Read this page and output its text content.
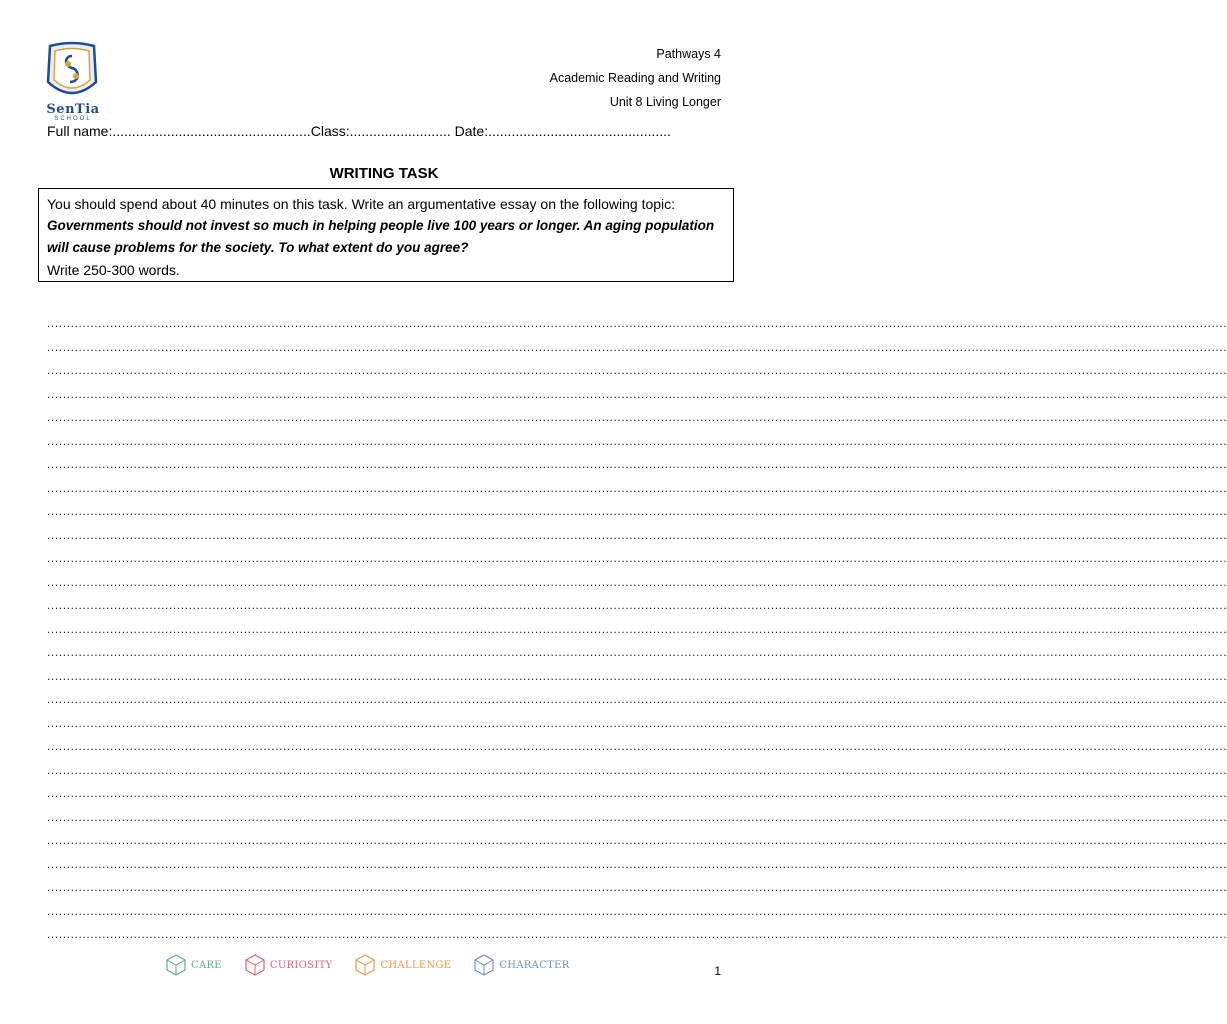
SenTia
SCHOOL
Pathways 4
Academic Reading and Writing
Unit 8 Living Longer
Full name:...................................................Class:.......................... Date:...............................................
WRITING TASK
You should spend about 40 minutes on this task. Write an argumentative essay on the following topic:
Governments should not invest so much in helping people live 100 years or longer. An aging population
will cause problems for the society. To what extent do you agree?
Write 250-300 words.
............................................................................................................................................................................................................................................................................................................
............................................................................................................................................................................................................................................................................................................
............................................................................................................................................................................................................................................................................................................
............................................................................................................................................................................................................................................................................................................
............................................................................................................................................................................................................................................................................................................
............................................................................................................................................................................................................................................................................................................
............................................................................................................................................................................................................................................................................................................
............................................................................................................................................................................................................................................................................................................
............................................................................................................................................................................................................................................................................................................
............................................................................................................................................................................................................................................................................................................
............................................................................................................................................................................................................................................................................................................
............................................................................................................................................................................................................................................................................................................
............................................................................................................................................................................................................................................................................................................
............................................................................................................................................................................................................................................................................................................
............................................................................................................................................................................................................................................................................................................
............................................................................................................................................................................................................................................................................................................
............................................................................................................................................................................................................................................................................................................
............................................................................................................................................................................................................................................................................................................
............................................................................................................................................................................................................................................................................................................
............................................................................................................................................................................................................................................................................................................
............................................................................................................................................................................................................................................................................................................
............................................................................................................................................................................................................................................................................................................
............................................................................................................................................................................................................................................................................................................
............................................................................................................................................................................................................................................................................................................
............................................................................................................................................................................................................................................................................................................
............................................................................................................................................................................................................................................................................................................
............................................................................................................................................................................................................................................................................................................
CARE	CURIOSITY	CHALLENGE	CHARACTER	1
